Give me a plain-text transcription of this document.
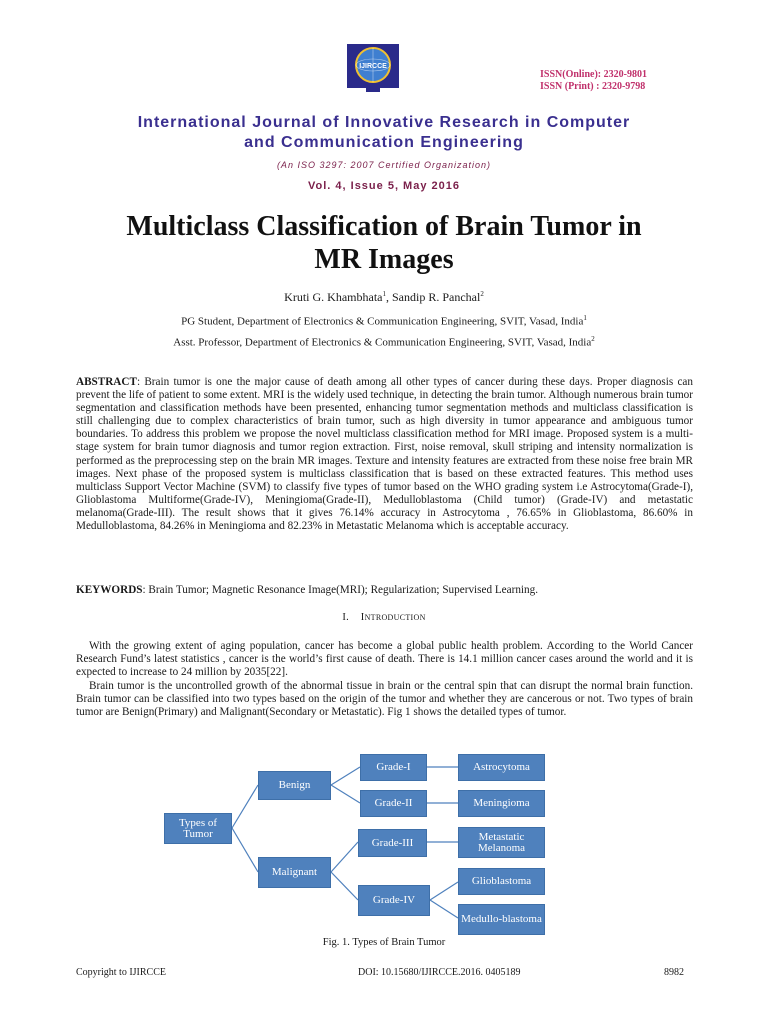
IJIRCCE
ISSN(Online): 2320-9801
ISSN (Print) : 2320-9798
International Journal of Innovative Research in Computer
and Communication Engineering
(An ISO 3297: 2007 Certified Organization)
Vol. 4, Issue 5, May 2016
Multiclass Classification of Brain Tumor in
MR Images
Kruti G. Khambhata$^1$, Sandip R. Panchal$^2$
PG Student, Department of Electronics & Communication Engineering, SVIT, Vasad, India$^1$
Asst. Professor, Department of Electronics & Communication Engineering, SVIT, Vasad, India$^2$
ABSTRACT: Brain tumor is one the major cause of death among all other types of cancer during these days. Proper diagnosis can prevent the life of patient to some extent. MRI is the widely used technique, in detecting the brain tumor. Although numerous brain tumor segmentation and classification methods have been presented, enhancing tumor segmentation methods and multiclass classification is still challenging due to complex characteristics of brain tumor, such as high diversity in tumor appearance and ambiguous tumor boundaries. To address this problem we propose the novel multiclass classification method for MRI image. Proposed system is a multi-stage system for brain tumor diagnosis and tumor region extraction. First, noise removal, skull striping and intensity normalization is performed as the preprocessing step on the brain MR images. Texture and intensity features are extracted from these noise free brain MR images. Next phase of the proposed system is multiclass classification that is based on these extracted features. This method uses multiclass Support Vector Machine (SVM) to classify five types of tumor based on the WHO grading system i.e Astrocytoma(Grade-I), Glioblastoma Multiforme(Grade-IV), Meningioma(Grade-II), Medulloblastoma (Child tumor) (Grade-IV) and metastatic melanoma(Grade-III). The result shows that it gives 76.14% accuracy in Astrocytoma , 76.65% in Glioblastoma, 86.60% in Medulloblastoma, 84.26% in Meningioma and 82.23% in Metastatic Melanoma which is acceptable accuracy.
KEYWORDS: Brain Tumor; Magnetic Resonance Image(MRI); Regularization; Supervised Learning.
I. INTRODUCTION
With the growing extent of aging population, cancer has become a global public health problem. According to the World Cancer Research Fund’s latest statistics , cancer is the world’s first cause of death. There is 14.1 million cancer cases around the world and it is expected to increase to 24 million by 2035[22].
Brain tumor is the uncontrolled growth of the abnormal tissue in brain or the central spin that can disrupt the normal brain function. Brain tumor can be classified into two types based on the origin of the tumor and whether they are cancerous or not. Two types of brain tumor are Benign(Primary) and Malignant(Secondary or Metastatic). Fig 1 shows the detailed types of tumor.
Types of Tumor
Benign
Malignant
Grade-I
Grade-II
Grade-III
Grade-IV
Astrocytoma
Meningioma
Metastatic Melanoma
Glioblastoma
Medullo-blastoma
Fig. 1. Types of Brain Tumor
Copyright to IJIRCCE	DOI: 10.15680/IJIRCCE.2016. 0405189	8982
